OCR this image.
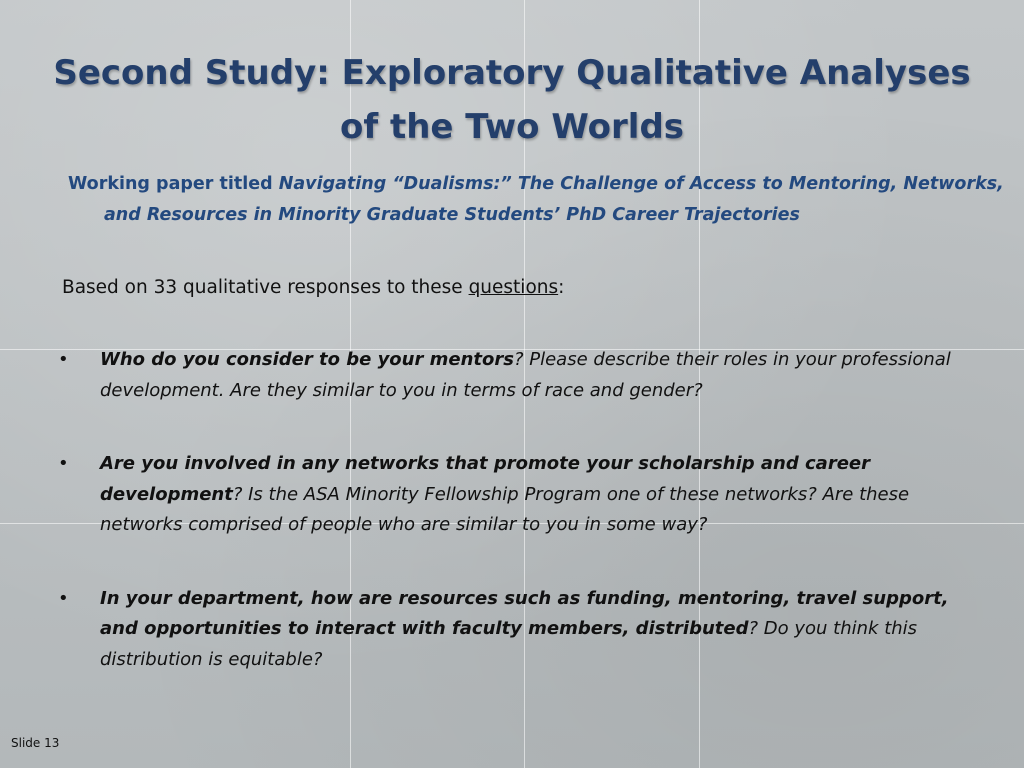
Second Study: Exploratory Qualitative Analyses of the Two Worlds
Working paper titled Navigating “Dualisms:” The Challenge of Access to Mentoring, Networks, and Resources in Minority Graduate Students’ PhD Career Trajectories
Based on 33 qualitative responses to these questions:
• Who do you consider to be your mentors? Please describe their roles in your professional development. Are they similar to you in terms of race and gender?
• Are you involved in any networks that promote your scholarship and career development? Is the ASA Minority Fellowship Program one of these networks? Are these networks comprised of people who are similar to you in some way?
• In your department, how are resources such as funding, mentoring, travel support, and opportunities to interact with faculty members, distributed? Do you think this distribution is equitable?
Slide 13
